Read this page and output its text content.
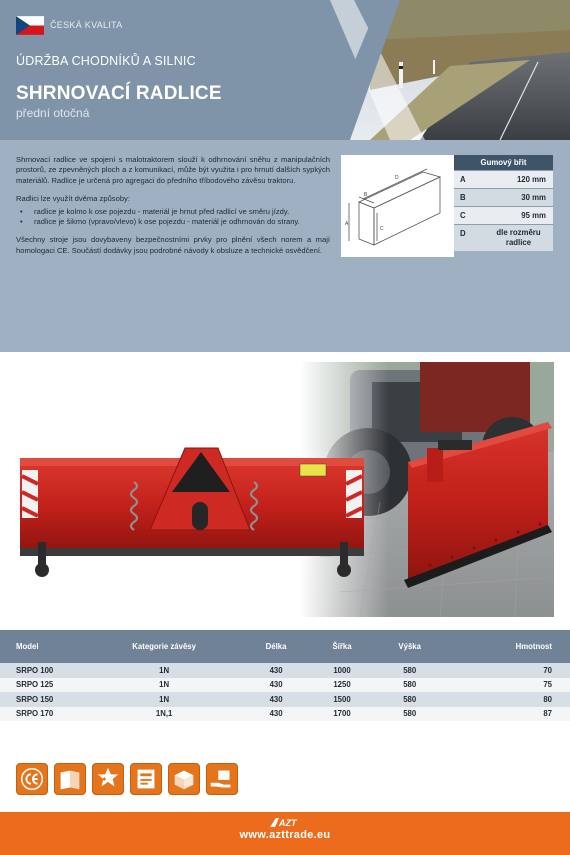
ČESKÁ KVALITA
ÚDRŽBA CHODNÍKŮ A SILNIC
SHRNOVACÍ RADLICE
přední otočná

Shrnovací radlice ve spojení s malotraktorem slouží k odhrnování sněhu z manipulačních prostorů, ze zpevněných ploch a z komunikací, může být využita i pro hrnutí dalších sypkých materiálů. Radlice je určená pro agregaci do předního tříbodového závěsu traktoru.

Radlici lze využít dvěma způsoby:

• radlice je kolmo k ose pojezdu - materiál je hrnut před radlicí ve směru jízdy.
• radlice je šikmo (vpravo/vlevo) k ose pojezdu - materiál je odhrnován do strany.

Všechny stroje jsou dovybaveny bezpečnostními prvky pro plnění všech norem a mají homologaci CE. Součástí dodávky jsou podrobné návody k obsluze a technické osvědčení.

D
A
C
B
Gumový břit
A	120 mm
B	30 mm
C	95 mm
D	dle rozměru radlice
Model	Kategorie závěsy	Délka	Šířka	Výška	Hmotnost
SRPO 100	1N	430	1000	580	70
SRPO 125	1N	430	1250	580	75
SRPO 150	1N	430	1500	580	80
SRPO 170	1N,1	430	1700	580	87
AZT
www.azttrade.eu
